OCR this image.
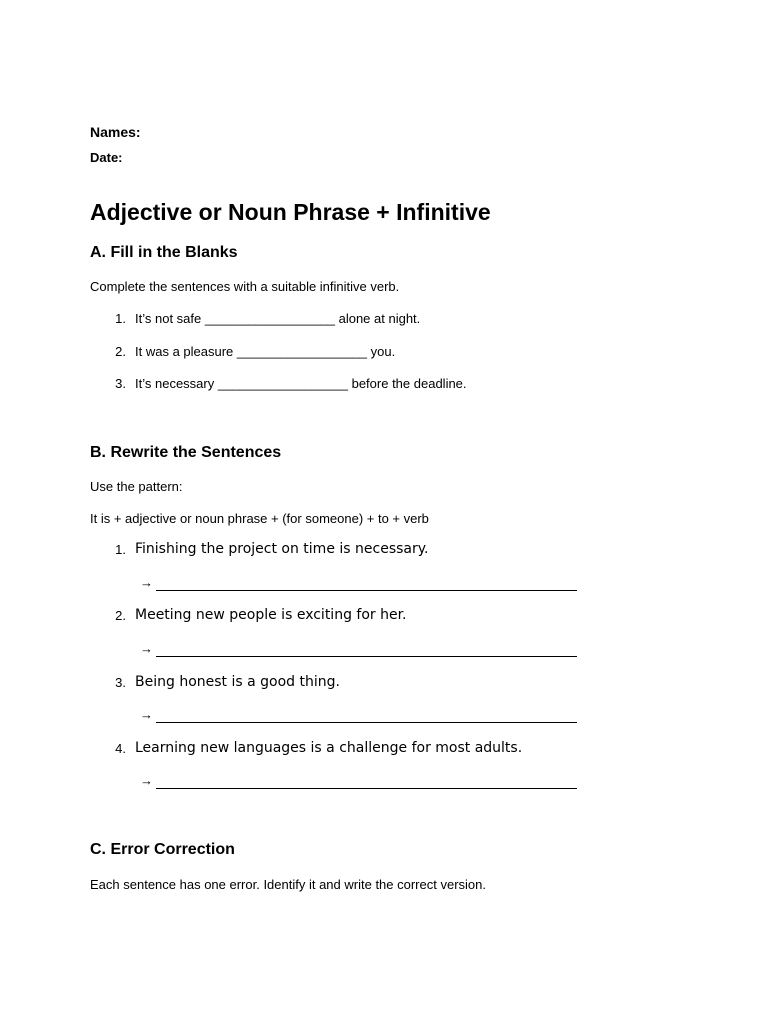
Names:
Date:
Adjective or Noun Phrase + Infinitive
A. Fill in the Blanks
Complete the sentences with a suitable infinitive verb.
1. It’s not safe __________________ alone at night.
2. It was a pleasure __________________ you.
3. It’s necessary __________________ before the deadline.
B. Rewrite the Sentences
Use the pattern:
It is + adjective or noun phrase + (for someone) + to + verb
1. Finishing the project on time is necessary.
→
2. Meeting new people is exciting for her.
→
3. Being honest is a good thing.
→
4. Learning new languages is a challenge for most adults.
→
C. Error Correction
Each sentence has one error. Identify it and write the correct version.
